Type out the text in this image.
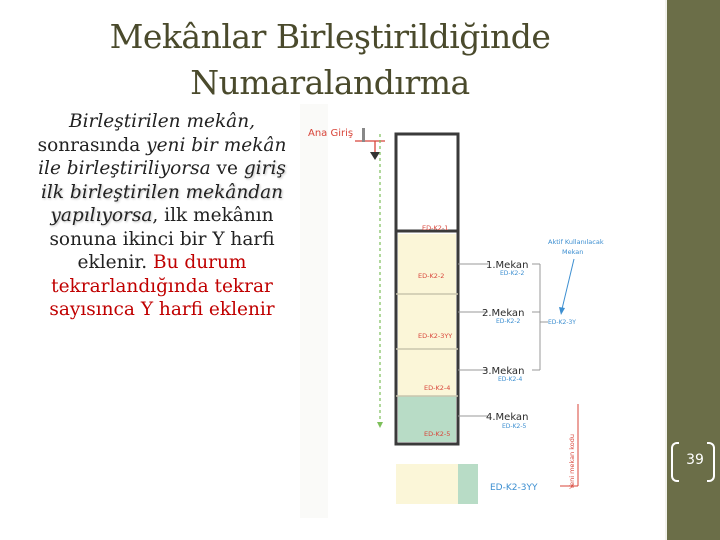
Mekânlar Birleştirildiğinde
Numaralandırma
Birleştirilen mekân, sonrasında yeni bir mekân ile birleştiriliyorsa ve giriş ilk birleştirilen mekândan yapılıyorsa, ilk mekânın sonuna ikinci bir Y harfi eklenir. Bu durum tekrarlandığında tekrar sayısınca Y harfi eklenir
Ana Giriş
ED-K2-1
ED-K2-2
ED-K2-3YY
ED-K2-4
ED-K2-5
1.Mekan
ED-K2-2
2.Mekan
ED-K2-2
3.Mekan
ED-K2-4
4.Mekan
ED-K2-5
Aktif Kullanılacak
Mekan
ED-K2-3Y
Yeni mekan kodu
ED-K2-3YY
39
